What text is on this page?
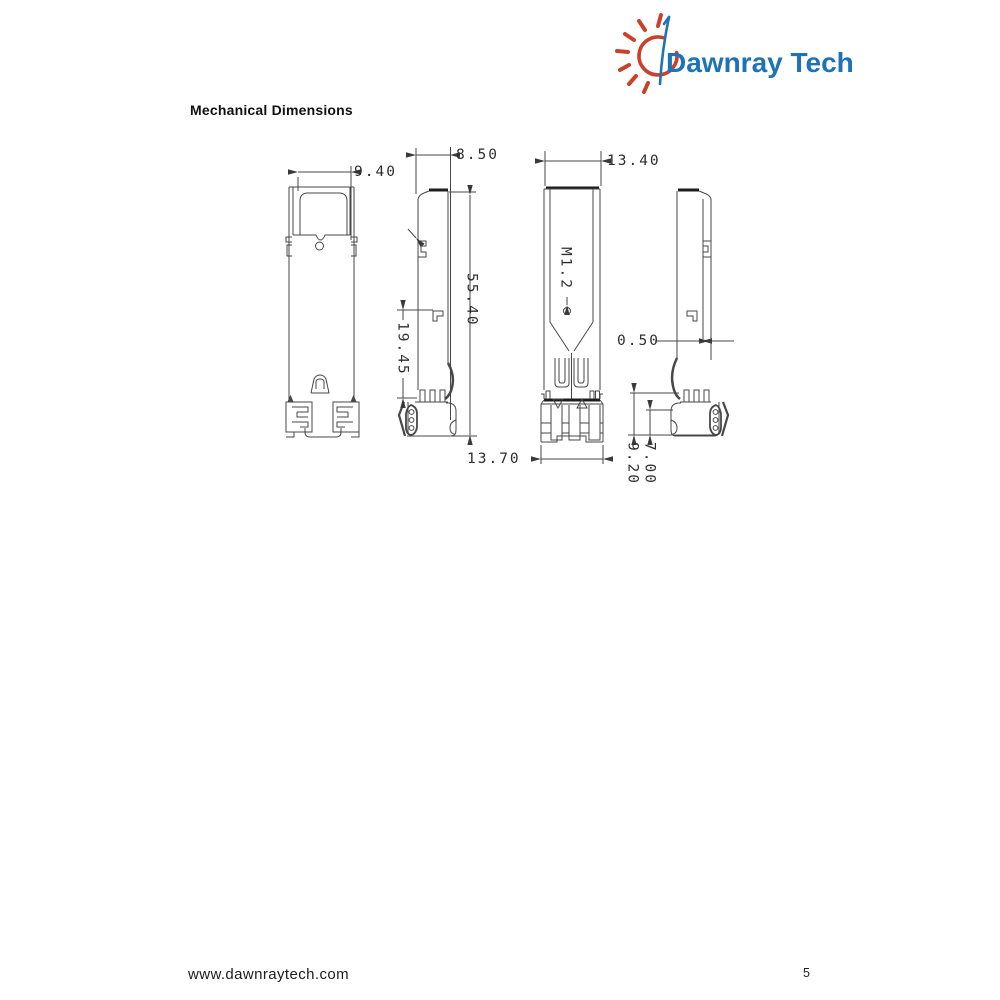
Dawnray Tech
Mechanical Dimensions
9.40
8.50
55.40
19.45
13.40
M1.2
0.50
13.70	9.20 7.00
www.dawnraytech.com	5
